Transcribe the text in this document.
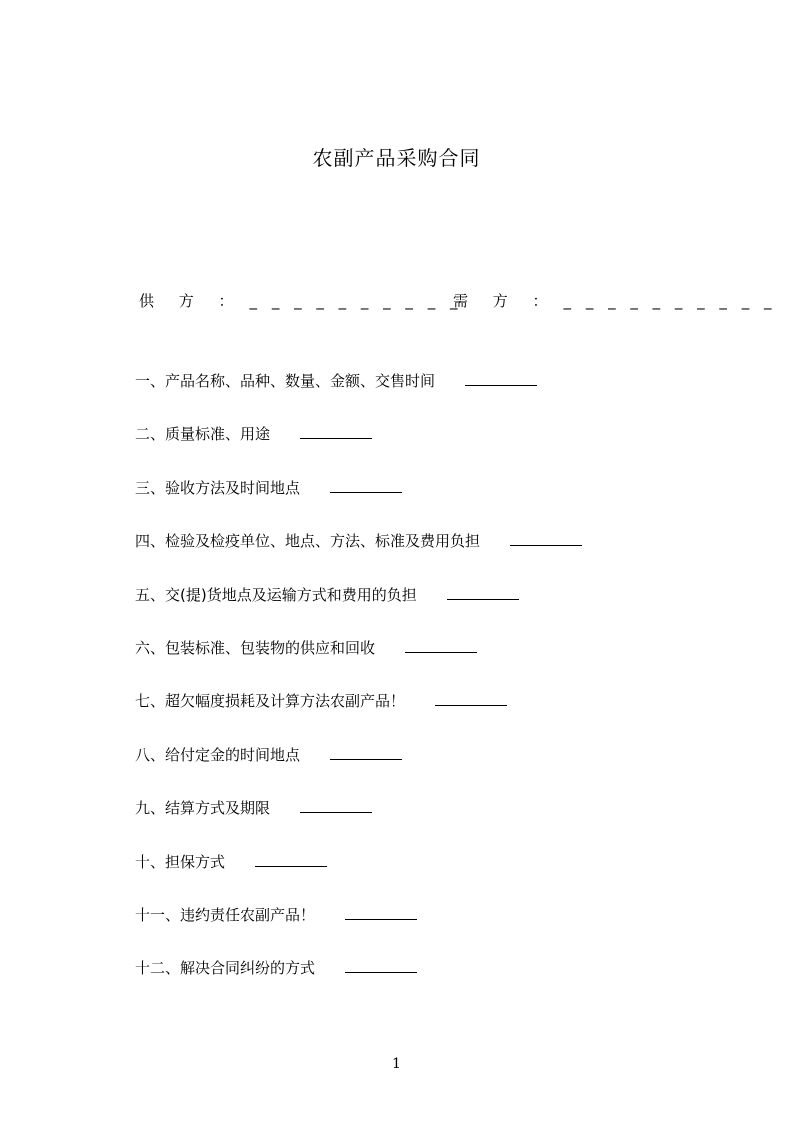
农副产品采购合同
供 方 ： _ _ _ _ _ _ _ _ _ _
需 方 ： _ _ _ _ _ _ _ _ _ _
一、产品名称、品种、数量、金额、交售时间
二、质量标准、用途
三、验收方法及时间地点
四、检验及检疫单位、地点、方法、标准及费用负担
五、交(提)货地点及运输方式和费用的负担
六、包装标准、包装物的供应和回收
七、超欠幅度损耗及计算方法农副产品！
八、给付定金的时间地点
九、结算方式及期限
十、担保方式
十一、违约责任农副产品！
十二、解决合同纠纷的方式
1
